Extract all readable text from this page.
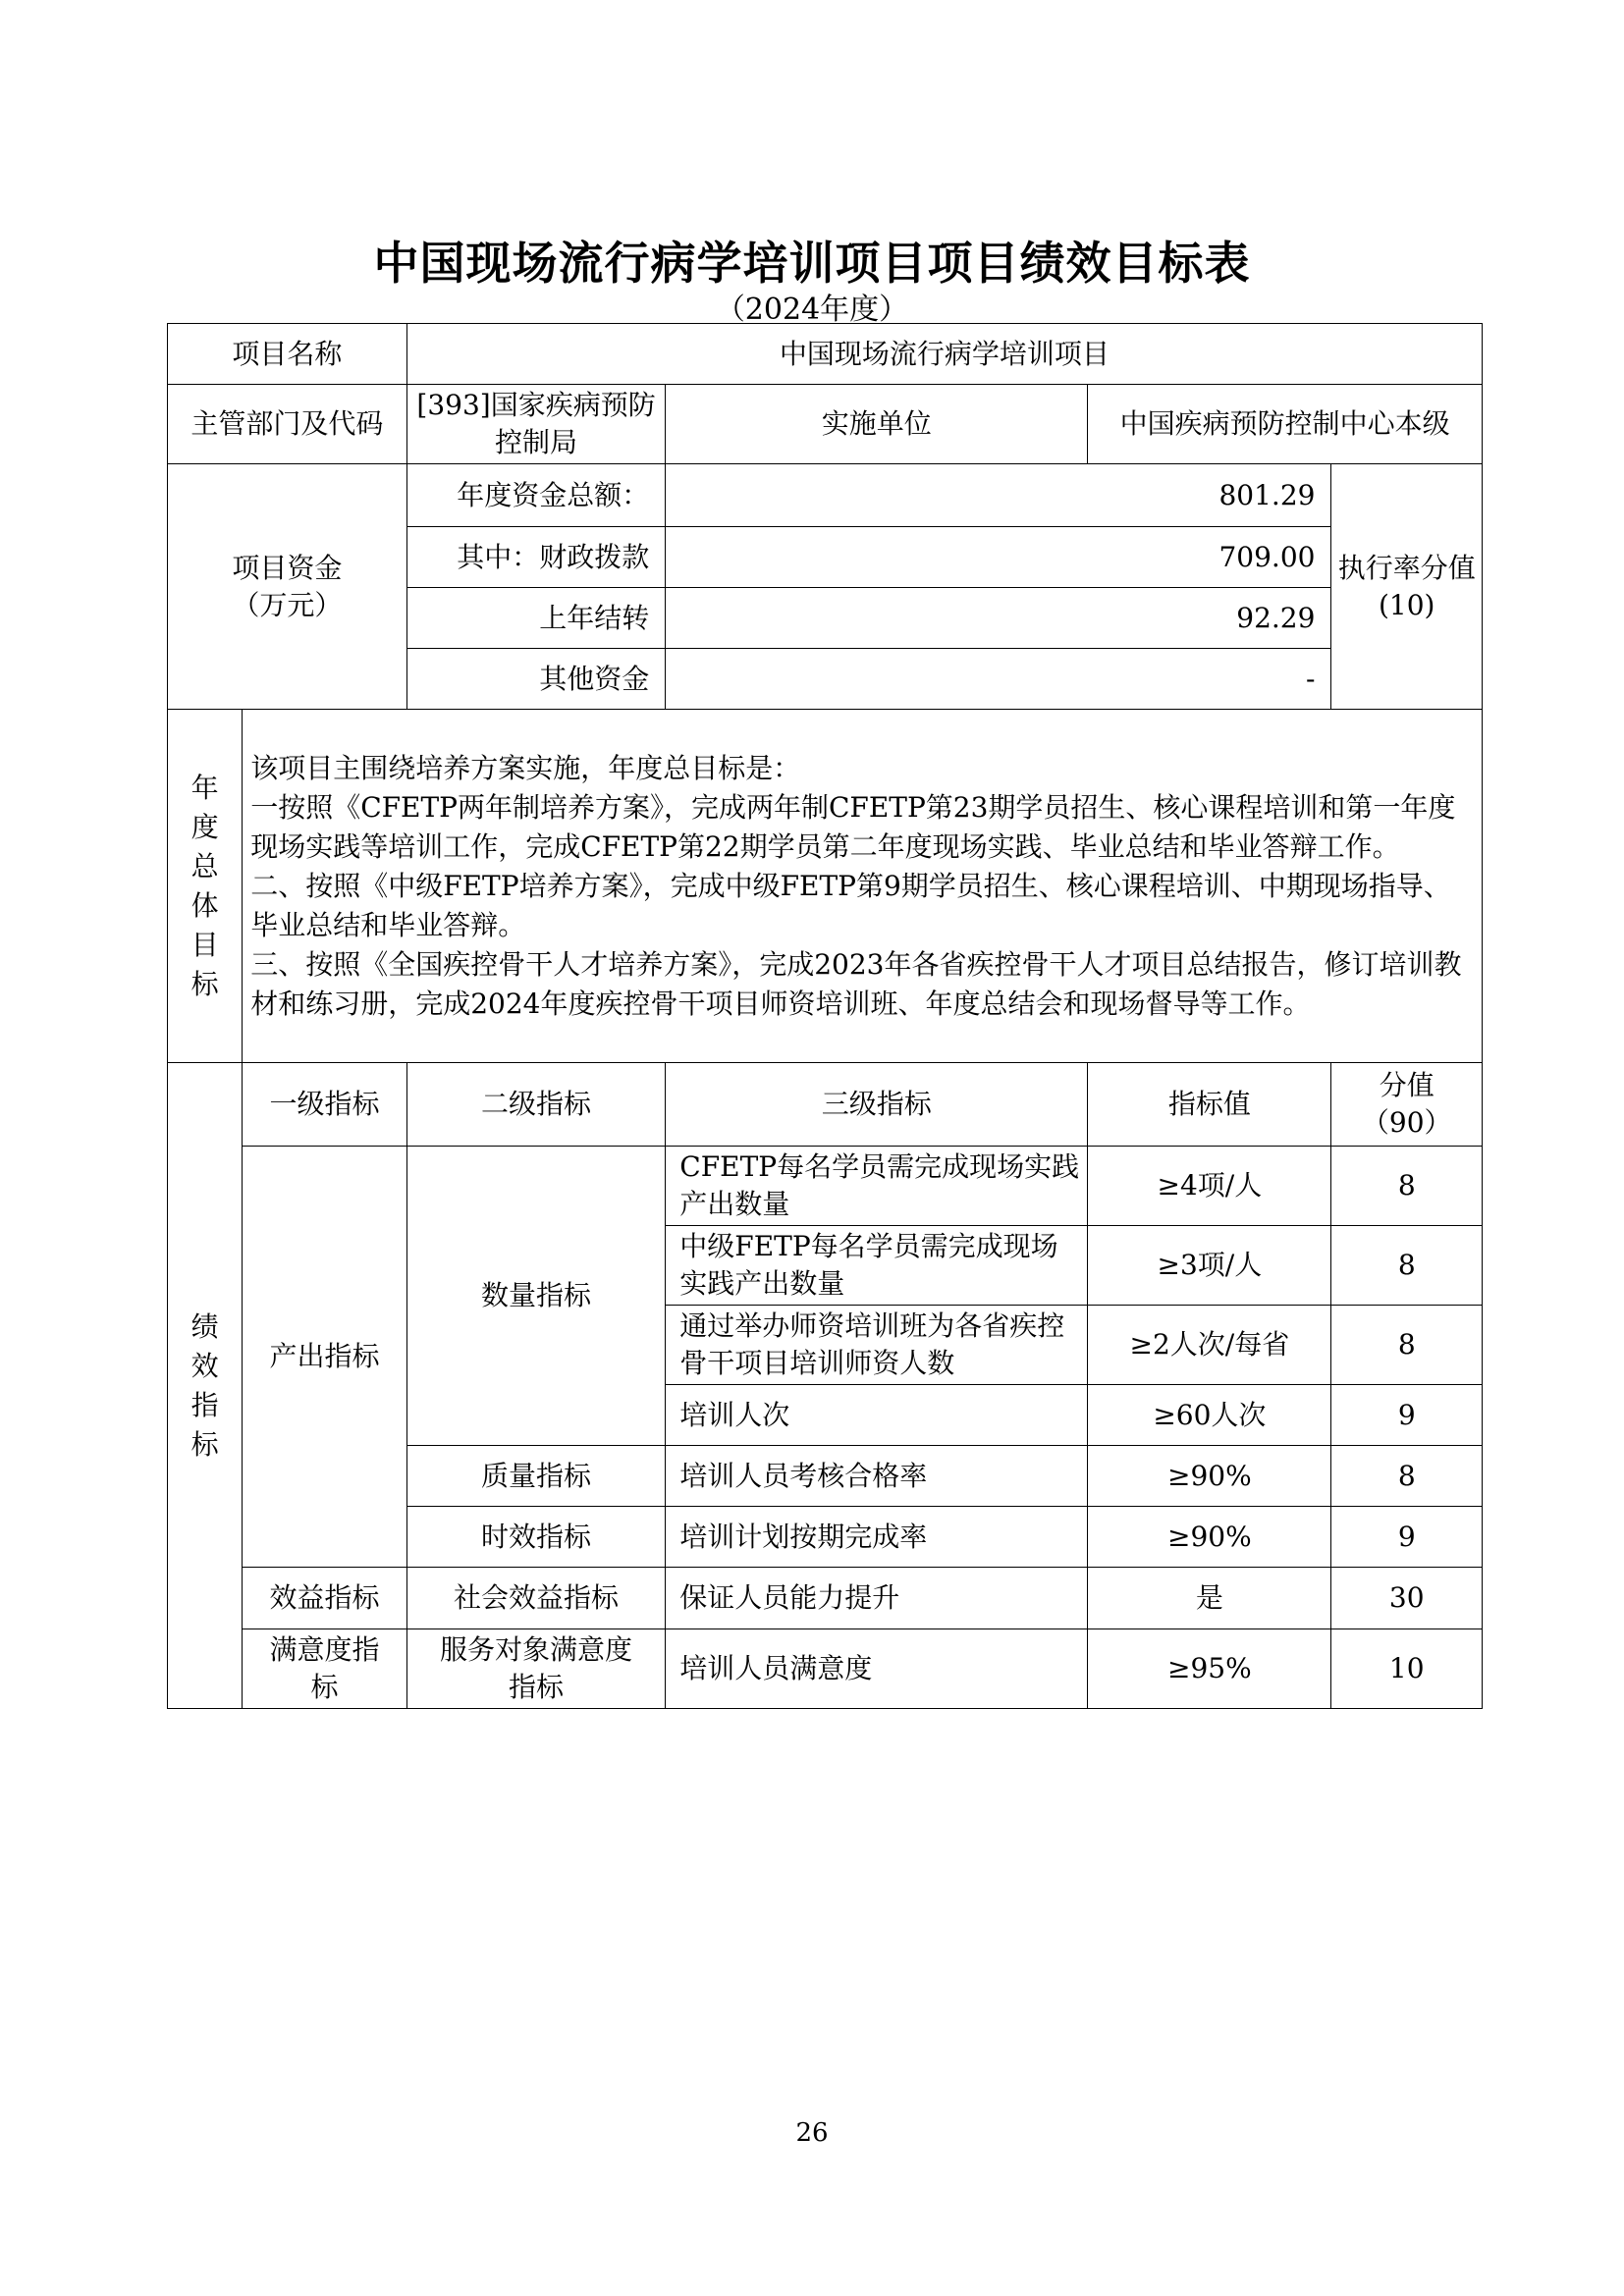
中国现场流行病学培训项目项目绩效目标表
（2024年度）
项目名称		中国现场流行病学培训项目			
主管部门及代码		[393]国家疾病预防控制局	实施单位	中国疾病预防控制中心本级	
项目资金（万元）		年度资金总额：	801.29		执行率分值(10)
		其中：财政拨款	709.00		
		上年结转	92.29		
		其他资金	-		
年度总体目标	该项目主围绕培养方案实施，年度总目标是：
一按照《CFETP两年制培养方案》，完成两年制CFETP第23期学员招生、核心课程培训和第一年度现场实践等培训工作，完成CFETP第22期学员第二年度现场实践、毕业总结和毕业答辩工作。
二、按照《中级FETP培养方案》，完成中级FETP第9期学员招生、核心课程培训、中期现场指导、毕业总结和毕业答辩。
三、按照《全国疾控骨干人才培养方案》，完成2023年各省疾控骨干人才项目总结报告，修订培训教材和练习册，完成2024年度疾控骨干项目师资培训班、年度总结会和现场督导等工作。				

绩效指标	一级指标	二级指标	三级指标	指标值	分值（90）
	产出指标	数量指标	CFETP每名学员需完成现场实践产出数量	≥4项/人	8
			中级FETP每名学员需完成现场实践产出数量	≥3项/人	8
			通过举办师资培训班为各省疾控骨干项目培训师资人数	≥2人次/每省	8
			培训人次	≥60人次	9
		质量指标	培训人员考核合格率	≥90%	8
		时效指标	培训计划按期完成率	≥90%	9
	效益指标	社会效益指标	保证人员能力提升	是	30
	满意度指标	服务对象满意度指标	培训人员满意度	≥95%	10
26
